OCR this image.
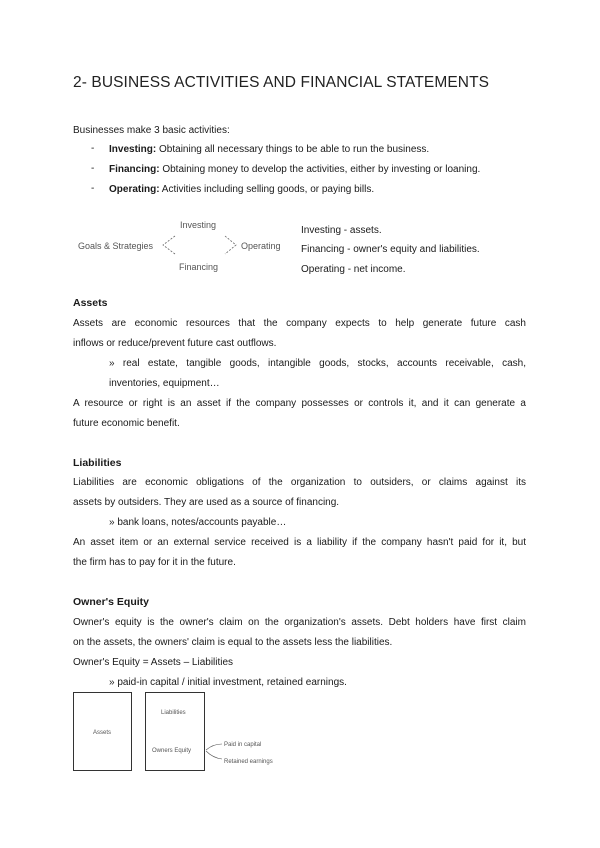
2- BUSINESS ACTIVITIES AND FINANCIAL STATEMENTS
Businesses make 3 basic activities:
- Investing: Obtaining all necessary things to be able to run the business.
- Financing: Obtaining money to develop the activities, either by investing or loaning.
- Operating: Activities including selling goods, or paying bills.
Goals & Strategies
Investing
Financing
Operating
Investing - assets.
Financing - owner's equity and liabilities.
Operating - net income.
Assets
Assets are economic resources that the company expects to help generate future cash
inflows or reduce/prevent future cast outflows.
» real estate, tangible goods, intangible goods, stocks, accounts receivable, cash,
inventories, equipment…
A resource or right is an asset if the company possesses or controls it, and it can generate a
future economic benefit.
Liabilities
Liabilities are economic obligations of the organization to outsiders, or claims against its
assets by outsiders. They are used as a source of financing.
» bank loans, notes/accounts payable…
An asset item or an external service received is a liability if the company hasn't paid for it, but
the firm has to pay for it in the future.
Owner's Equity
Owner's equity is the owner's claim on the organization's assets. Debt holders have first claim
on the assets, the owners' claim is equal to the assets less the liabilities.
Owner's Equity = Assets – Liabilities
» paid-in capital / initial investment, retained earnings.
Assets
Liabilities
Owners Equity
Paid in capital
Retained earnings
